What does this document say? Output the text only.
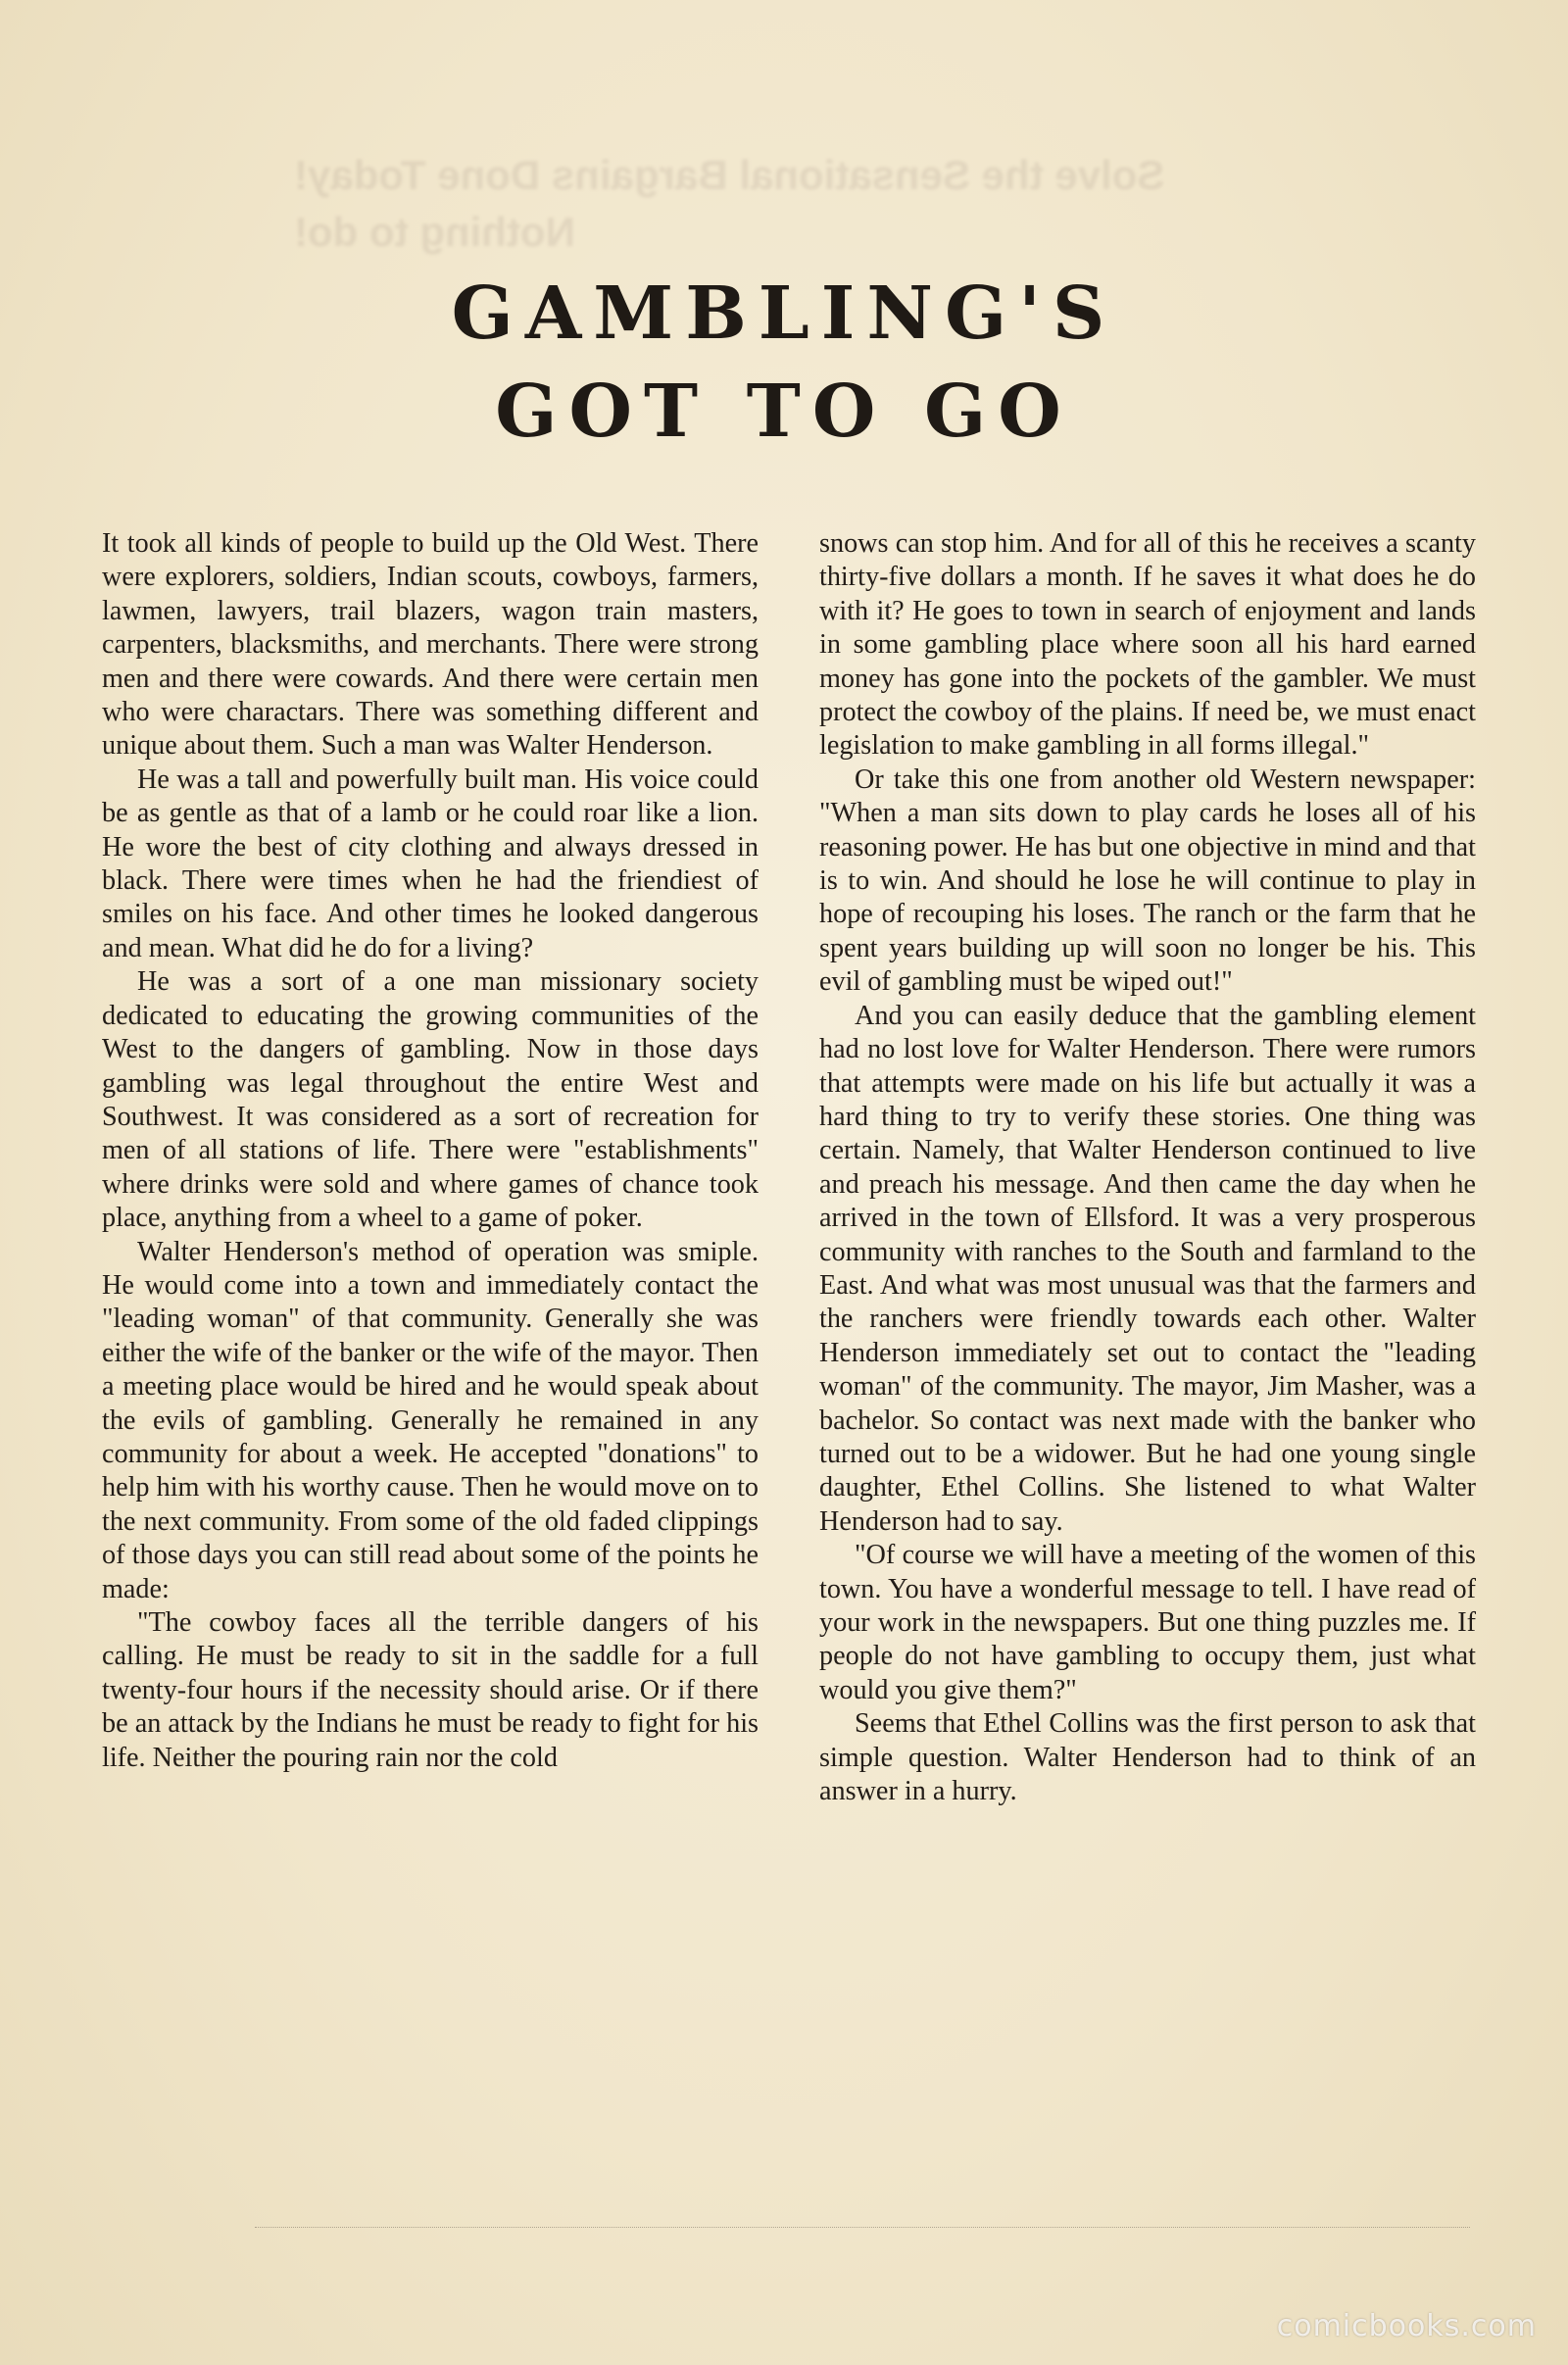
Solve the Sensational Bargains Done Today!
Nothing to do!
GAMBLING'S
GOT TO GO

It took all kinds of people to build up the Old West. There were explorers, soldiers, Indian scouts, cowboys, farmers, lawmen, lawyers, trail blazers, wagon train masters, carpenters, blacksmiths, and merchants. There were strong men and there were cowards. And there were certain men who were charactars. There was something different and unique about them. Such a man was Walter Henderson.

He was a tall and powerfully built man. His voice could be as gentle as that of a lamb or he could roar like a lion. He wore the best of city clothing and always dressed in black. There were times when he had the friendiest of smiles on his face. And other times he looked dangerous and mean. What did he do for a living?

He was a sort of a one man missionary society dedicated to educating the growing communities of the West to the dangers of gambling. Now in those days gambling was legal throughout the entire West and Southwest. It was considered as a sort of recreation for men of all stations of life. There were "establishments" where drinks were sold and where games of chance took place, anything from a wheel to a game of poker.

Walter Henderson's method of operation was smiple. He would come into a town and immediately contact the "leading woman" of that community. Generally she was either the wife of the banker or the wife of the mayor. Then a meeting place would be hired and he would speak about the evils of gambling. Generally he remained in any community for about a week. He accepted "donations" to help him with his worthy cause. Then he would move on to the next community. From some of the old faded clippings of those days you can still read about some of the points he made:

"The cowboy faces all the terrible dangers of his calling. He must be ready to sit in the saddle for a full twenty-four hours if the necessity should arise. Or if there be an attack by the Indians he must be ready to fight for his life. Neither the pouring rain nor the cold

snows can stop him. And for all of this he receives a scanty thirty-five dollars a month. If he saves it what does he do with it? He goes to town in search of enjoyment and lands in some gambling place where soon all his hard earned money has gone into the pockets of the gambler. We must protect the cowboy of the plains. If need be, we must enact legislation to make gambling in all forms illegal."

Or take this one from another old Western newspaper: "When a man sits down to play cards he loses all of his reasoning power. He has but one objective in mind and that is to win. And should he lose he will continue to play in hope of recouping his loses. The ranch or the farm that he spent years building up will soon no longer be his. This evil of gambling must be wiped out!"

And you can easily deduce that the gambling element had no lost love for Walter Henderson. There were rumors that attempts were made on his life but actually it was a hard thing to try to verify these stories. One thing was certain. Namely, that Walter Henderson continued to live and preach his message. And then came the day when he arrived in the town of Ellsford. It was a very prosperous community with ranches to the South and farmland to the East. And what was most unusual was that the farmers and the ranchers were friendly towards each other. Walter Henderson immediately set out to contact the "leading woman" of the community. The mayor, Jim Masher, was a bachelor. So contact was next made with the banker who turned out to be a widower. But he had one young single daughter, Ethel Collins. She listened to what Walter Henderson had to say.

"Of course we will have a meeting of the women of this town. You have a wonderful message to tell. I have read of your work in the newspapers. But one thing puzzles me. If people do not have gambling to occupy them, just what would you give them?"

Seems that Ethel Collins was the first person to ask that simple question. Walter Henderson had to think of an answer in a hurry.

comicbooks.com
